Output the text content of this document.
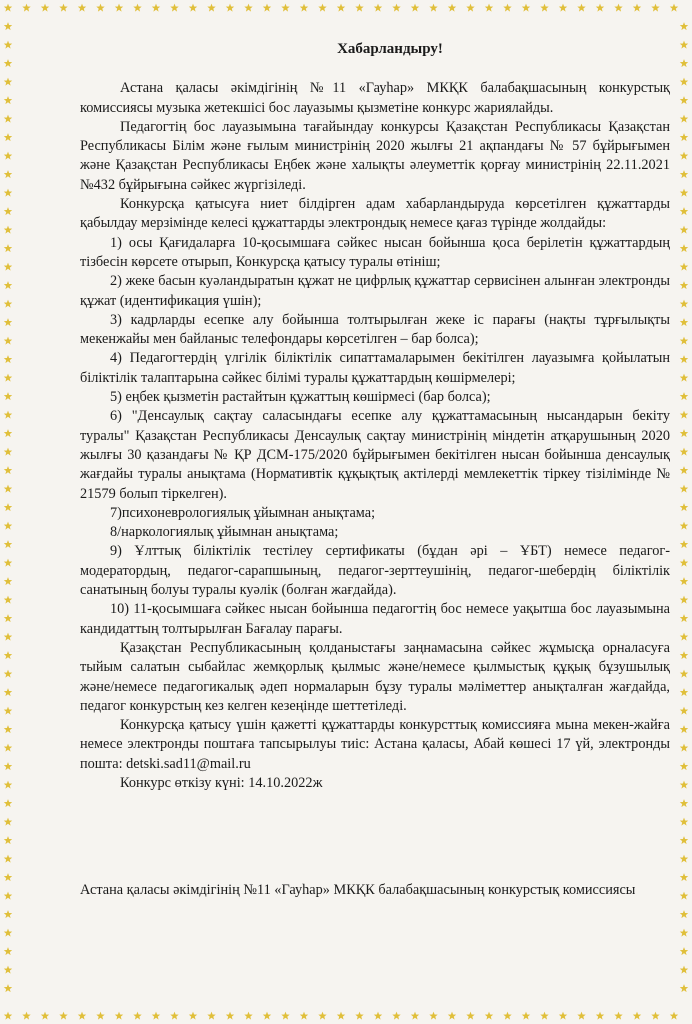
Хабарландыру!

Астана қаласы әкімдігінің №11 «Гауһар» МКҚК балабақшасының конкурстық комиссиясы музыка жетекшісі бос лауазымы қызметіне конкурс жариялайды.

Педагогтің бос лауазымына тағайындау конкурсы Қазақстан Республикасы Қазақстан Республикасы Білім және ғылым министрінің 2020 жылғы 21 ақпандағы № 57 бұйрығымен және Қазақстан Республикасы Еңбек және халықты әлеуметтік қорғау министрінің 22.11.2021 №432 бұйрығына сәйкес жүргізіледі.

Конкурсқа қатысуға ниет білдірген адам хабарландыруда көрсетілген құжаттарды қабылдау мерзімінде келесі құжаттарды электрондық немесе қағаз түрінде жолдайды:

1) осы Қағидаларға 10-қосымшаға сәйкес нысан бойынша қоса берілетін құжаттардың тізбесін көрсете отырып, Конкурсқа қатысу туралы өтініш;

2) жеке басын куәландыратын құжат не цифрлық құжаттар сервисінен алынған электронды құжат (идентификация үшін);

3) кадрларды есепке алу бойынша толтырылған жеке іс парағы (нақты тұрғылықты мекенжайы мен байланыс телефондары көрсетілген – бар болса);

4) Педагогтердің үлгілік біліктілік сипаттамаларымен бекітілген лауазымға қойылатын біліктілік талаптарына сәйкес білімі туралы құжаттардың көшірмелері;

5) еңбек қызметін растайтын құжаттың көшірмесі (бар болса);

6) "Денсаулық сақтау саласындағы есепке алу құжаттамасының нысандарын бекіту туралы" Қазақстан Республикасы Денсаулық сақтау министрінің міндетін атқарушының 2020 жылғы 30 қазандағы № ҚР ДСМ-175/2020 бұйрығымен бекітілген нысан бойынша денсаулық жағдайы туралы анықтама (Нормативтік құқықтық актілерді мемлекеттік тіркеу тізілімінде № 21579 болып тіркелген).

7)психоневрологиялық ұйымнан анықтама;

8/наркологиялық ұйымнан анықтама;

9) Ұлттық біліктілік тестілеу сертификаты (бұдан әрі – ҰБТ) немесе педагог-модератордың, педагог-сарапшының, педагог-зерттеушінің, педагог-шебердің біліктілік санатының болуы туралы куәлік (болған жағдайда).

10) 11-қосымшаға сәйкес нысан бойынша педагогтің бос немесе уақытша бос лауазымына кандидаттың толтырылған Бағалау парағы.

Қазақстан Республикасының қолданыстағы заңнамасына сәйкес жұмысқа орналасуға тыйым салатын сыбайлас жемқорлық қылмыс және/немесе қылмыстық құқық бұзушылық және/немесе педагогикалық әдеп нормаларын бұзу туралы мәліметтер анықталған жағдайда, педагог конкурстың кез келген кезеңінде шеттетіледі.

Конкурсқа қатысу үшін қажетті құжаттарды конкурсттық комиссияға мына мекен-жайға немесе электронды поштаға тапсырылуы тиіс: Астана қаласы, Абай көшесі 17 үй, электронды пошта: detski.sad11@mail.ru

Конкурс өткізу күні: 14.10.2022ж

Астана қаласы әкімдігінің №11 «Гауһар» МКҚК балабақшасының конкурстық комиссиясы
